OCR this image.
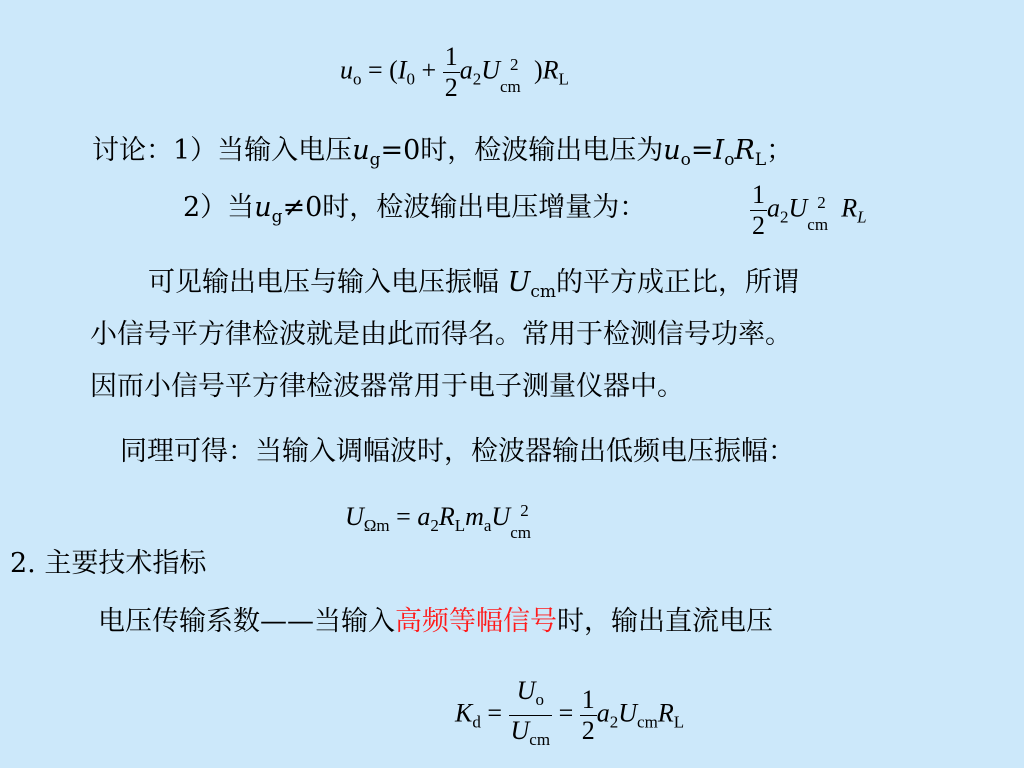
$u_o = (I_0 + \frac{1}{2} a_2U$ 2
cm
)$R_L$
讨论：1）当输入电压$u_g=0$时，检波输出电压为$u_o=I_oR_L$；
2）当$u_g\ne 0$时，检波输出电压增量为：	$\frac{1}{2} a_2U$ 2
cm
$R_L$
可见输出电压与输入电压振幅 $U_{cm}$的平方成正比，所谓
小信号平方律检波就是由此而得名。常用于检测信号功率。
因而小信号平方律检波器常用于电子测量仪器中。
同理可得：当输入调幅波时，检波器输出低频电压振幅：
$U_{\Omega m} = a_2R_Lm_aU$ 2
cm
2. 主要技术指标
电压传输系数——当输入高频等幅信号时，输出直流电压
$K_d = \frac{U_o}{U_{cm}} = \frac{1}{2} a_2U_{cm}R_L$
